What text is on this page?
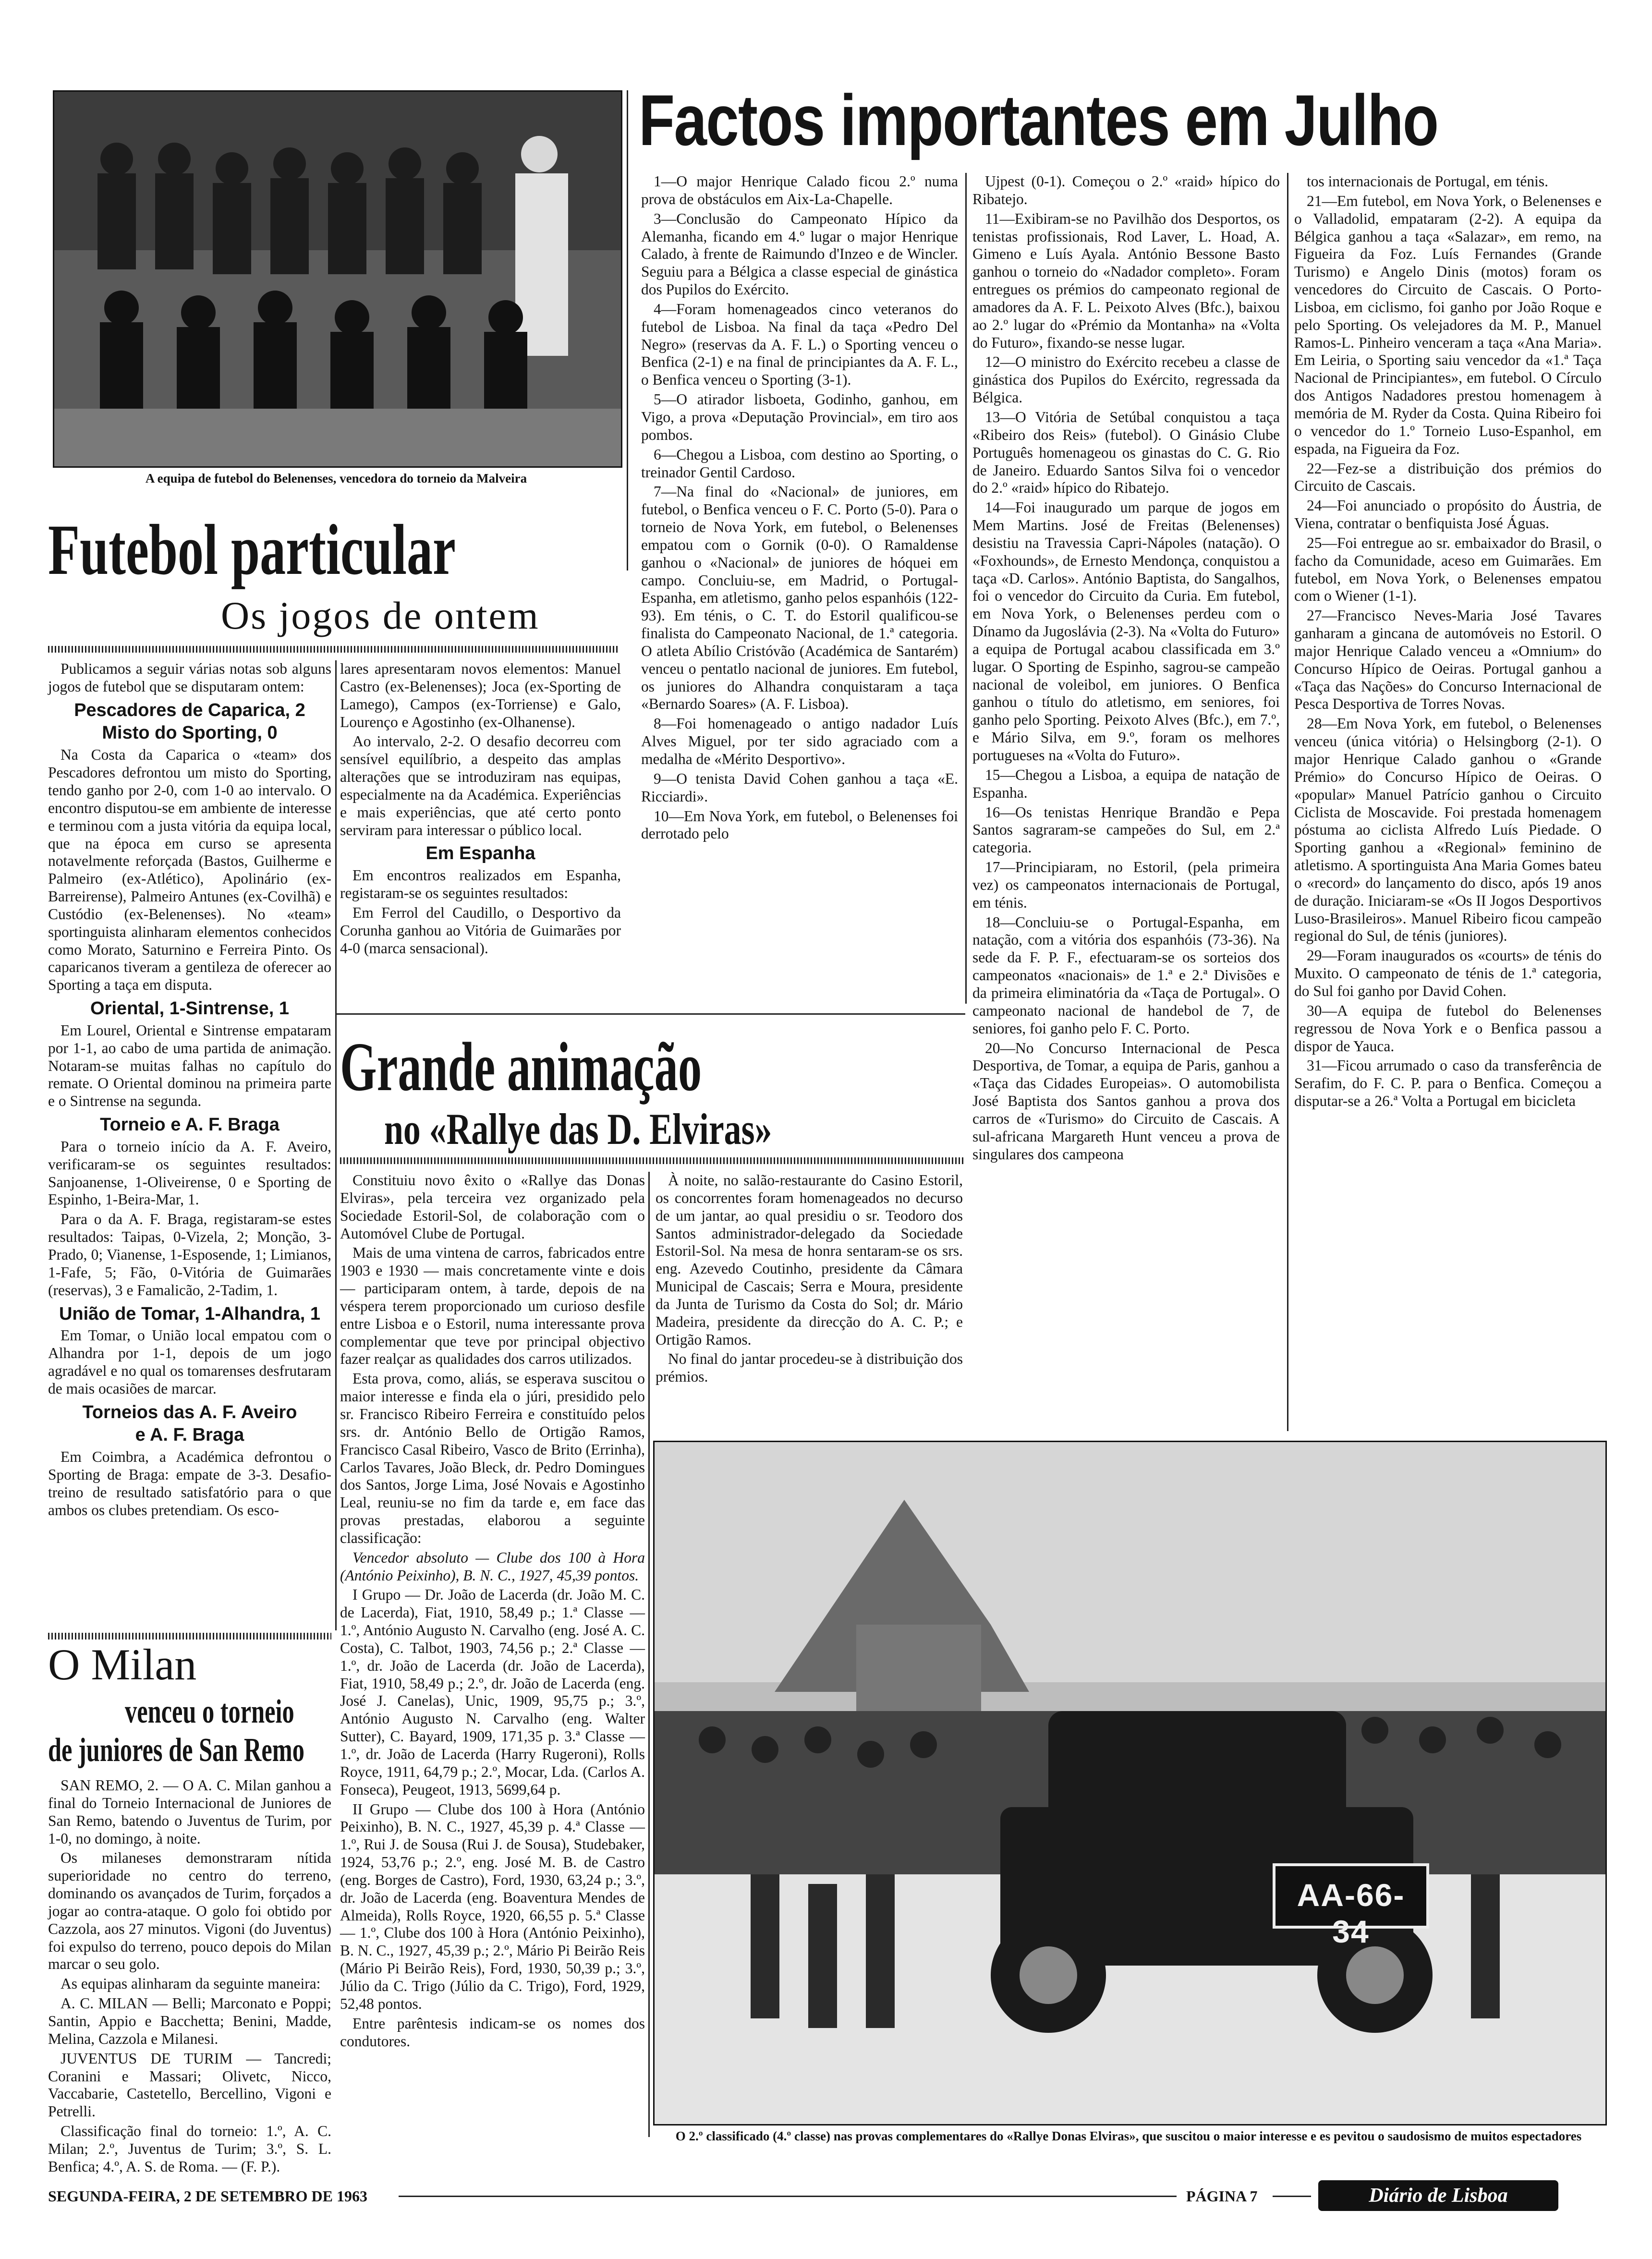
A equipa de futebol do Belenenses, vencedora do torneio da Malveira
Factos importantes em Julho

1—O major Henrique Calado ficou 2.º numa prova de obstáculos em Aix-La-Chapelle.

3—Conclusão do Campeonato Hípico da Alemanha, ficando em 4.º lugar o major Henrique Calado, à frente de Raimundo d'Inzeo e de Wincler. Seguiu para a Bélgica a classe especial de ginástica dos Pupilos do Exército.

4—Foram homenageados cinco veteranos do futebol de Lisboa. Na final da taça «Pedro Del Negro» (reservas da A. F. L.) o Sporting venceu o Benfica (2-1) e na final de principiantes da A. F. L., o Benfica venceu o Sporting (3-1).

5—O atirador lisboeta, Godinho, ganhou, em Vigo, a prova «Deputação Provincial», em tiro aos pombos.

6—Chegou a Lisboa, com destino ao Sporting, o treinador Gentil Cardoso.

7—Na final do «Nacional» de juniores, em futebol, o Benfica venceu o F. C. Porto (5-0). Para o torneio de Nova York, em futebol, o Belenenses empatou com o Gornik (0-0). O Ramaldense ganhou o «Nacional» de juniores de hóquei em campo. Concluiu-se, em Madrid, o Portugal-Espanha, em atletismo, ganho pelos espanhóis (122-93). Em ténis, o C. T. do Estoril qualificou-se finalista do Campeonato Nacional, de 1.ª categoria. O atleta Abílio Cristóvão (Académica de Santarém) venceu o pentatlo nacional de juniores. Em futebol, os juniores do Alhandra conquistaram a taça «Bernardo Soares» (A. F. Lisboa).

8—Foi homenageado o antigo nadador Luís Alves Miguel, por ter sido agraciado com a medalha de «Mérito Desportivo».

9—O tenista David Cohen ganhou a taça «E. Ricciardi».

10—Em Nova York, em futebol, o Belenenses foi derrotado pelo

Ujpest (0-1). Começou o 2.º «raid» hípico do Ribatejo.

11—Exibiram-se no Pavilhão dos Desportos, os tenistas profissionais, Rod Laver, L. Hoad, A. Gimeno e Luís Ayala. António Bessone Basto ganhou o torneio do «Nadador completo». Foram entregues os prémios do campeonato regional de amadores da A. F. L. Peixoto Alves (Bfc.), baixou ao 2.º lugar do «Prémio da Montanha» na «Volta do Futuro», fixando-se nesse lugar.

12—O ministro do Exército recebeu a classe de ginástica dos Pupilos do Exército, regressada da Bélgica.

13—O Vitória de Setúbal conquistou a taça «Ribeiro dos Reis» (futebol). O Ginásio Clube Português homenageou os ginastas do C. G. Rio de Janeiro. Eduardo Santos Silva foi o vencedor do 2.º «raid» hípico do Ribatejo.

14—Foi inaugurado um parque de jogos em Mem Martins. José de Freitas (Belenenses) desistiu na Travessia Capri-Nápoles (natação). O «Foxhounds», de Ernesto Mendonça, conquistou a taça «D. Carlos». António Baptista, do Sangalhos, foi o vencedor do Circuito da Curia. Em futebol, em Nova York, o Belenenses perdeu com o Dínamo da Jugoslávia (2-3). Na «Volta do Futuro» a equipa de Portugal acabou classificada em 3.º lugar. O Sporting de Espinho, sagrou-se campeão nacional de voleibol, em juniores. O Benfica ganhou o título do atletismo, em seniores, foi ganho pelo Sporting. Peixoto Alves (Bfc.), em 7.º, e Mário Silva, em 9.º, foram os melhores portugueses na «Volta do Futuro».

15—Chegou a Lisboa, a equipa de natação de Espanha.

16—Os tenistas Henrique Brandão e Pepa Santos sagraram-se campeões do Sul, em 2.ª categoria.

17—Principiaram, no Estoril, (pela primeira vez) os campeonatos internacionais de Portugal, em ténis.

18—Concluiu-se o Portugal-Espanha, em natação, com a vitória dos espanhóis (73-36). Na sede da F. P. F., efectuaram-se os sorteios dos campeonatos «nacionais» de 1.ª e 2.ª Divisões e da primeira eliminatória da «Taça de Portugal». O campeonato nacional de handebol de 7, de seniores, foi ganho pelo F. C. Porto.

20—No Concurso Internacional de Pesca Desportiva, de Tomar, a equipa de Paris, ganhou a «Taça das Cidades Europeias». O automobilista José Baptista dos Santos ganhou a prova dos carros de «Turismo» do Circuito de Cascais. A sul-africana Margareth Hunt venceu a prova de singulares dos campeona

tos internacionais de Portugal, em ténis.

21—Em futebol, em Nova York, o Belenenses e o Valladolid, empataram (2-2). A equipa da Bélgica ganhou a taça «Salazar», em remo, na Figueira da Foz. Luís Fernandes (Grande Turismo) e Angelo Dinis (motos) foram os vencedores do Circuito de Cascais. O Porto-Lisboa, em ciclismo, foi ganho por João Roque e pelo Sporting. Os velejadores da M. P., Manuel Ramos-L. Pinheiro venceram a taça «Ana Maria». Em Leiria, o Sporting saiu vencedor da «1.ª Taça Nacional de Principiantes», em futebol. O Círculo dos Antigos Nadadores prestou homenagem à memória de M. Ryder da Costa. Quina Ribeiro foi o vencedor do 1.º Torneio Luso-Espanhol, em espada, na Figueira da Foz.

22—Fez-se a distribuição dos prémios do Circuito de Cascais.

24—Foi anunciado o propósito do Áustria, de Viena, contratar o benfiquista José Águas.

25—Foi entregue ao sr. embaixador do Brasil, o facho da Comunidade, aceso em Guimarães. Em futebol, em Nova York, o Belenenses empatou com o Wiener (1-1).

27—Francisco Neves-Maria José Tavares ganharam a gincana de automóveis no Estoril. O major Henrique Calado venceu a «Omnium» do Concurso Hípico de Oeiras. Portugal ganhou a «Taça das Nações» do Concurso Internacional de Pesca Desportiva de Torres Novas.

28—Em Nova York, em futebol, o Belenenses venceu (única vitória) o Helsingborg (2-1). O major Henrique Calado ganhou o «Grande Prémio» do Concurso Hípico de Oeiras. O «popular» Manuel Patrício ganhou o Circuito Ciclista de Moscavide. Foi prestada homenagem póstuma ao ciclista Alfredo Luís Piedade. O Sporting ganhou a «Regional» feminino de atletismo. A sportinguista Ana Maria Gomes bateu o «record» do lançamento do disco, após 19 anos de duração. Iniciaram-se «Os II Jogos Desportivos Luso-Brasileiros». Manuel Ribeiro ficou campeão regional do Sul, de ténis (juniores).

29—Foram inaugurados os «courts» de ténis do Muxito. O campeonato de ténis de 1.ª categoria, do Sul foi ganho por David Cohen.

30—A equipa de futebol do Belenenses regressou de Nova York e o Benfica passou a dispor de Yauca.

31—Ficou arrumado o caso da transferência de Serafim, do F. C. P. para o Benfica. Começou a disputar-se a 26.ª Volta a Portugal em bicicleta

Futebol particular
Os jogos de ontem

Publicamos a seguir várias notas sob alguns jogos de futebol que se disputaram ontem:

Pescadores de Caparica, 2
Misto do Sporting, 0

Na Costa da Caparica o «team» dos Pescadores defrontou um misto do Sporting, tendo ganho por 2-0, com 1-0 ao intervalo. O encontro disputou-se em ambiente de interesse e terminou com a justa vitória da equipa local, que na época em curso se apresenta notavelmente reforçada (Bastos, Guilherme e Palmeiro (ex-Atlético), Apolinário (ex-Barreirense), Palmeiro Antunes (ex-Covilhã) e Custódio (ex-Belenenses). No «team» sportinguista alinharam elementos conhecidos como Morato, Saturnino e Ferreira Pinto. Os caparicanos tiveram a gentileza de oferecer ao Sporting a taça em disputa.

Oriental, 1-Sintrense, 1

Em Lourel, Oriental e Sintrense empataram por 1-1, ao cabo de uma partida de animação. Notaram-se muitas falhas no capítulo do remate. O Oriental dominou na primeira parte e o Sintrense na segunda.

Torneio e A. F. Braga

Para o torneio início da A. F. Aveiro, verificaram-se os seguintes resultados: Sanjoanense, 1-Oliveirense, 0 e Sporting de Espinho, 1-Beira-Mar, 1.

Para o da A. F. Braga, registaram-se estes resultados: Taipas, 0-Vizela, 2; Monção, 3-Prado, 0; Vianense, 1-Esposende, 1; Limianos, 1-Fafe, 5; Fão, 0-Vitória de Guimarães (reservas), 3 e Famalicão, 2-Tadim, 1.

União de Tomar, 1-Alhandra, 1

Em Tomar, o União local empatou com o Alhandra por 1-1, depois de um jogo agradável e no qual os tomarenses desfrutaram de mais ocasiões de marcar.

Torneios das A. F. Aveiro
e A. F. Braga

Em Coimbra, a Académica defrontou o Sporting de Braga: empate de 3-3. Desafio-treino de resultado satisfatório para o que ambos os clubes pretendiam. Os esco-

lares apresentaram novos elementos: Manuel Castro (ex-Belenenses); Joca (ex-Sporting de Lamego), Campos (ex-Torriense) e Galo, Lourenço e Agostinho (ex-Olhanense).

Ao intervalo, 2-2. O desafio decorreu com sensível equilíbrio, a despeito das amplas alterações que se introduziram nas equipas, especialmente na da Académica. Experiências e mais experiências, que até certo ponto serviram para interessar o público local.

Em Espanha

Em encontros realizados em Espanha, registaram-se os seguintes resultados:

Em Ferrol del Caudillo, o Desportivo da Corunha ganhou ao Vitória de Guimarães por 4-0 (marca sensacional).

Grande animação
no «Rallye das D. Elviras»

Constituiu novo êxito o «Rallye das Donas Elviras», pela terceira vez organizado pela Sociedade Estoril-Sol, de colaboração com o Automóvel Clube de Portugal.

Mais de uma vintena de carros, fabricados entre 1903 e 1930 — mais concretamente vinte e dois — participaram ontem, à tarde, depois de na véspera terem proporcionado um curioso desfile entre Lisboa e o Estoril, numa interessante prova complementar que teve por principal objectivo fazer realçar as qualidades dos carros utilizados.

Esta prova, como, aliás, se esperava suscitou o maior interesse e finda ela o júri, presidido pelo sr. Francisco Ribeiro Ferreira e constituído pelos srs. dr. António Bello de Ortigão Ramos, Francisco Casal Ribeiro, Vasco de Brito (Errinha), Carlos Tavares, João Bleck, dr. Pedro Domingues dos Santos, Jorge Lima, José Novais e Agostinho Leal, reuniu-se no fim da tarde e, em face das provas prestadas, elaborou a seguinte classificação:

Vencedor absoluto — Clube dos 100 à Hora (António Peixinho), B. N. C., 1927, 45,39 pontos.

I Grupo — Dr. João de Lacerda (dr. João M. C. de Lacerda), Fiat, 1910, 58,49 p.; 1.ª Classe — 1.º, António Augusto N. Carvalho (eng. José A. C. Costa), C. Talbot, 1903, 74,56 p.; 2.ª Classe — 1.º, dr. João de Lacerda (dr. João de Lacerda), Fiat, 1910, 58,49 p.; 2.º, dr. João de Lacerda (eng. José J. Canelas), Unic, 1909, 95,75 p.; 3.º, António Augusto N. Carvalho (eng. Walter Sutter), C. Bayard, 1909, 171,35 p. 3.ª Classe — 1.º, dr. João de Lacerda (Harry Rugeroni), Rolls Royce, 1911, 64,79 p.; 2.º, Mocar, Lda. (Carlos A. Fonseca), Peugeot, 1913, 5699,64 p.

II Grupo — Clube dos 100 à Hora (António Peixinho), B. N. C., 1927, 45,39 p. 4.ª Classe — 1.º, Rui J. de Sousa (Rui J. de Sousa), Studebaker, 1924, 53,76 p.; 2.º, eng. José M. B. de Castro (eng. Borges de Castro), Ford, 1930, 63,24 p.; 3.º, dr. João de Lacerda (eng. Boaventura Mendes de Almeida), Rolls Royce, 1920, 66,55 p. 5.ª Classe — 1.º, Clube dos 100 à Hora (António Peixinho), B. N. C., 1927, 45,39 p.; 2.º, Mário Pi Beirão Reis (Mário Pi Beirão Reis), Ford, 1930, 50,39 p.; 3.º, Júlio da C. Trigo (Júlio da C. Trigo), Ford, 1929, 52,48 pontos.

Entre parêntesis indicam-se os nomes dos condutores.

À noite, no salão-restaurante do Casino Estoril, os concorrentes foram homenageados no decurso de um jantar, ao qual presidiu o sr. Teodoro dos Santos administrador-delegado da Sociedade Estoril-Sol. Na mesa de honra sentaram-se os srs. eng. Azevedo Coutinho, presidente da Câmara Municipal de Cascais; Serra e Moura, presidente da Junta de Turismo da Costa do Sol; dr. Mário Madeira, presidente da direcção do A. C. P.; e Ortigão Ramos.

No final do jantar procedeu-se à distribuição dos prémios.

O Milan
venceu o torneio
de juniores de San Remo

SAN REMO, 2. — O A. C. Milan ganhou a final do Torneio Internacional de Juniores de San Remo, batendo o Juventus de Turim, por 1-0, no domingo, à noite.

Os milaneses demonstraram nítida superioridade no centro do terreno, dominando os avançados de Turim, forçados a jogar ao contra-ataque. O golo foi obtido por Cazzola, aos 27 minutos. Vigoni (do Juventus) foi expulso do terreno, pouco depois do Milan marcar o seu golo.

As equipas alinharam da seguinte maneira:

A. C. MILAN — Belli; Marconato e Poppi; Santin, Appio e Bacchetta; Benini, Madde, Melina, Cazzola e Milanesi.

JUVENTUS DE TURIM — Tancredi; Coranini e Massari; Olivetc, Nicco, Vaccabarie, Castetello, Bercellino, Vigoni e Petrelli.

Classificação final do torneio: 1.º, A. C. Milan; 2.º, Juventus de Turim; 3.º, S. L. Benfica; 4.º, A. S. de Roma. — (F. P.).

AA-66-34
O 2.º classificado (4.º classe) nas provas complementares do «Rallye Donas Elviras», que suscitou o maior interesse e es pevitou o saudosismo de muitos espectadores
SEGUNDA-FEIRA, 2 DE SETEMBRO DE 1963	PÁGINA 7	Diário de Lisboa
